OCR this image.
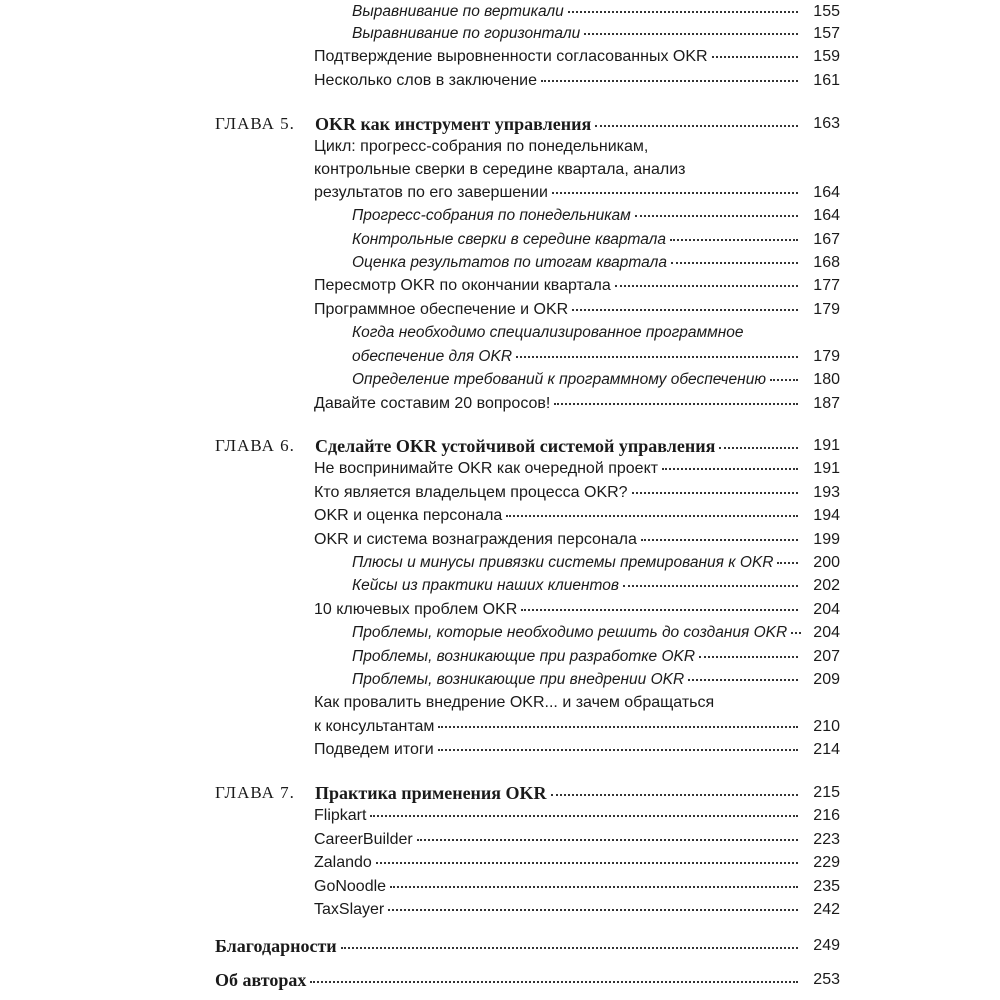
Выравнивание по вертикали	155
Выравнивание по горизонтали	157
Подтверждение выровненности согласованных OKR	159
Несколько слов в заключение	161
ГЛАВА 5. OKR как инструмент управления	163
Цикл: прогресс-собрания по понедельникам,
контрольные сверки в середине квартала, анализ
результатов по его завершении	164
Прогресс-собрания по понедельникам	164
Контрольные сверки в середине квартала	167
Оценка результатов по итогам квартала	168
Пересмотр OKR по окончании квартала	177
Программное обеспечение и OKR	179
Когда необходимо специализированное программное
обеспечение для OKR	179
Определение требований к программному обеспечению	180
Давайте составим 20 вопросов!	187
ГЛАВА 6. Сделайте OKR устойчивой системой управления	191
Не воспринимайте OKR как очередной проект	191
Кто является владельцем процесса OKR?	193
OKR и оценка персонала	194
OKR и система вознаграждения персонала	199
Плюсы и минусы привязки системы премирования к OKR 200
Кейсы из практики наших клиентов	202
10 ключевых проблем OKR	204
Проблемы, которые необходимо решить до создания OKR 204
Проблемы, возникающие при разработке OKR	207
Проблемы, возникающие при внедрении OKR	209
Как провалить внедрение OKR... и зачем обращаться
к консультантам	210
Подведем итоги	214
ГЛАВА 7. Практика применения OKR	215
Flipkart	216
CareerBuilder	223
Zalando	229
GoNoodle	235
TaxSlayer	242
Благодарности	249
Об авторах	253
